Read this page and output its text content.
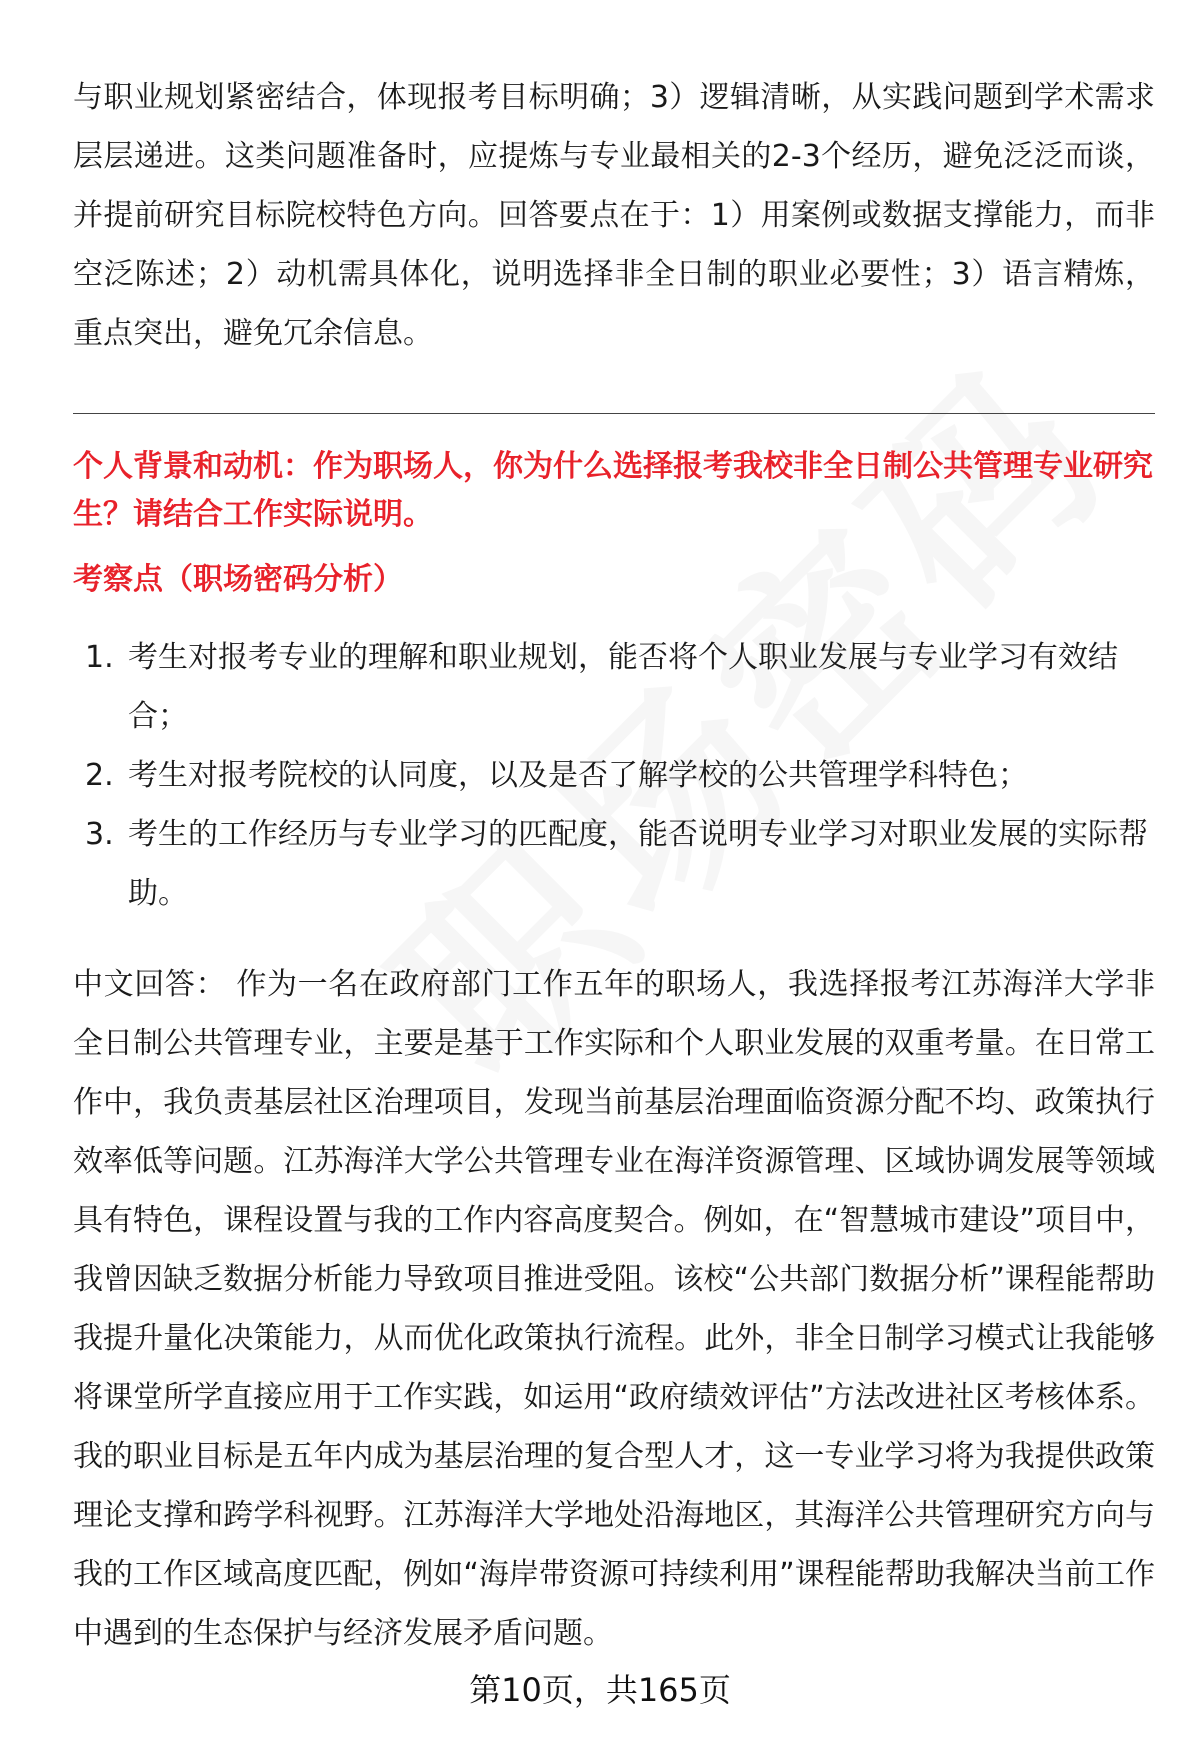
与职业规划紧密结合，体现报考目标明确；3）逻辑清晰，从实践问题到学术需求层层递进。这类问题准备时，应提炼与专业最相关的2-3个经历，避免泛泛而谈，并提前研究目标院校特色方向。回答要点在于：1）用案例或数据支撑能力，而非空泛陈述；2）动机需具体化，说明选择非全日制的职业必要性；3）语言精炼，重点突出，避免冗余信息。

个人背景和动机：作为职场人，你为什么选择报考我校非全日制公共管理专业研究生？请结合工作实际说明。
考察点（职场密码分析）
1. 考生对报考专业的理解和职业规划，能否将个人职业发展与专业学习有效结合；
2. 考生对报考院校的认同度，以及是否了解学校的公共管理学科特色；
3. 考生的工作经历与专业学习的匹配度，能否说明专业学习对职业发展的实际帮助。

中文回答： 作为一名在政府部门工作五年的职场人，我选择报考江苏海洋大学非全日制公共管理专业，主要是基于工作实际和个人职业发展的双重考量。在日常工作中，我负责基层社区治理项目，发现当前基层治理面临资源分配不均、政策执行效率低等问题。江苏海洋大学公共管理专业在海洋资源管理、区域协调发展等领域具有特色，课程设置与我的工作内容高度契合。例如，在“智慧城市建设”项目中，我曾因缺乏数据分析能力导致项目推进受阻。该校“公共部门数据分析”课程能帮助我提升量化决策能力，从而优化政策执行流程。此外，非全日制学习模式让我能够将课堂所学直接应用于工作实践，如运用“政府绩效评估”方法改进社区考核体系。我的职业目标是五年内成为基层治理的复合型人才，这一专业学习将为我提供政策理论支撑和跨学科视野。江苏海洋大学地处沿海地区，其海洋公共管理研究方向与我的工作区域高度匹配，例如“海岸带资源可持续利用”课程能帮助我解决当前工作中遇到的生态保护与经济发展矛盾问题。

第10页，共165页
